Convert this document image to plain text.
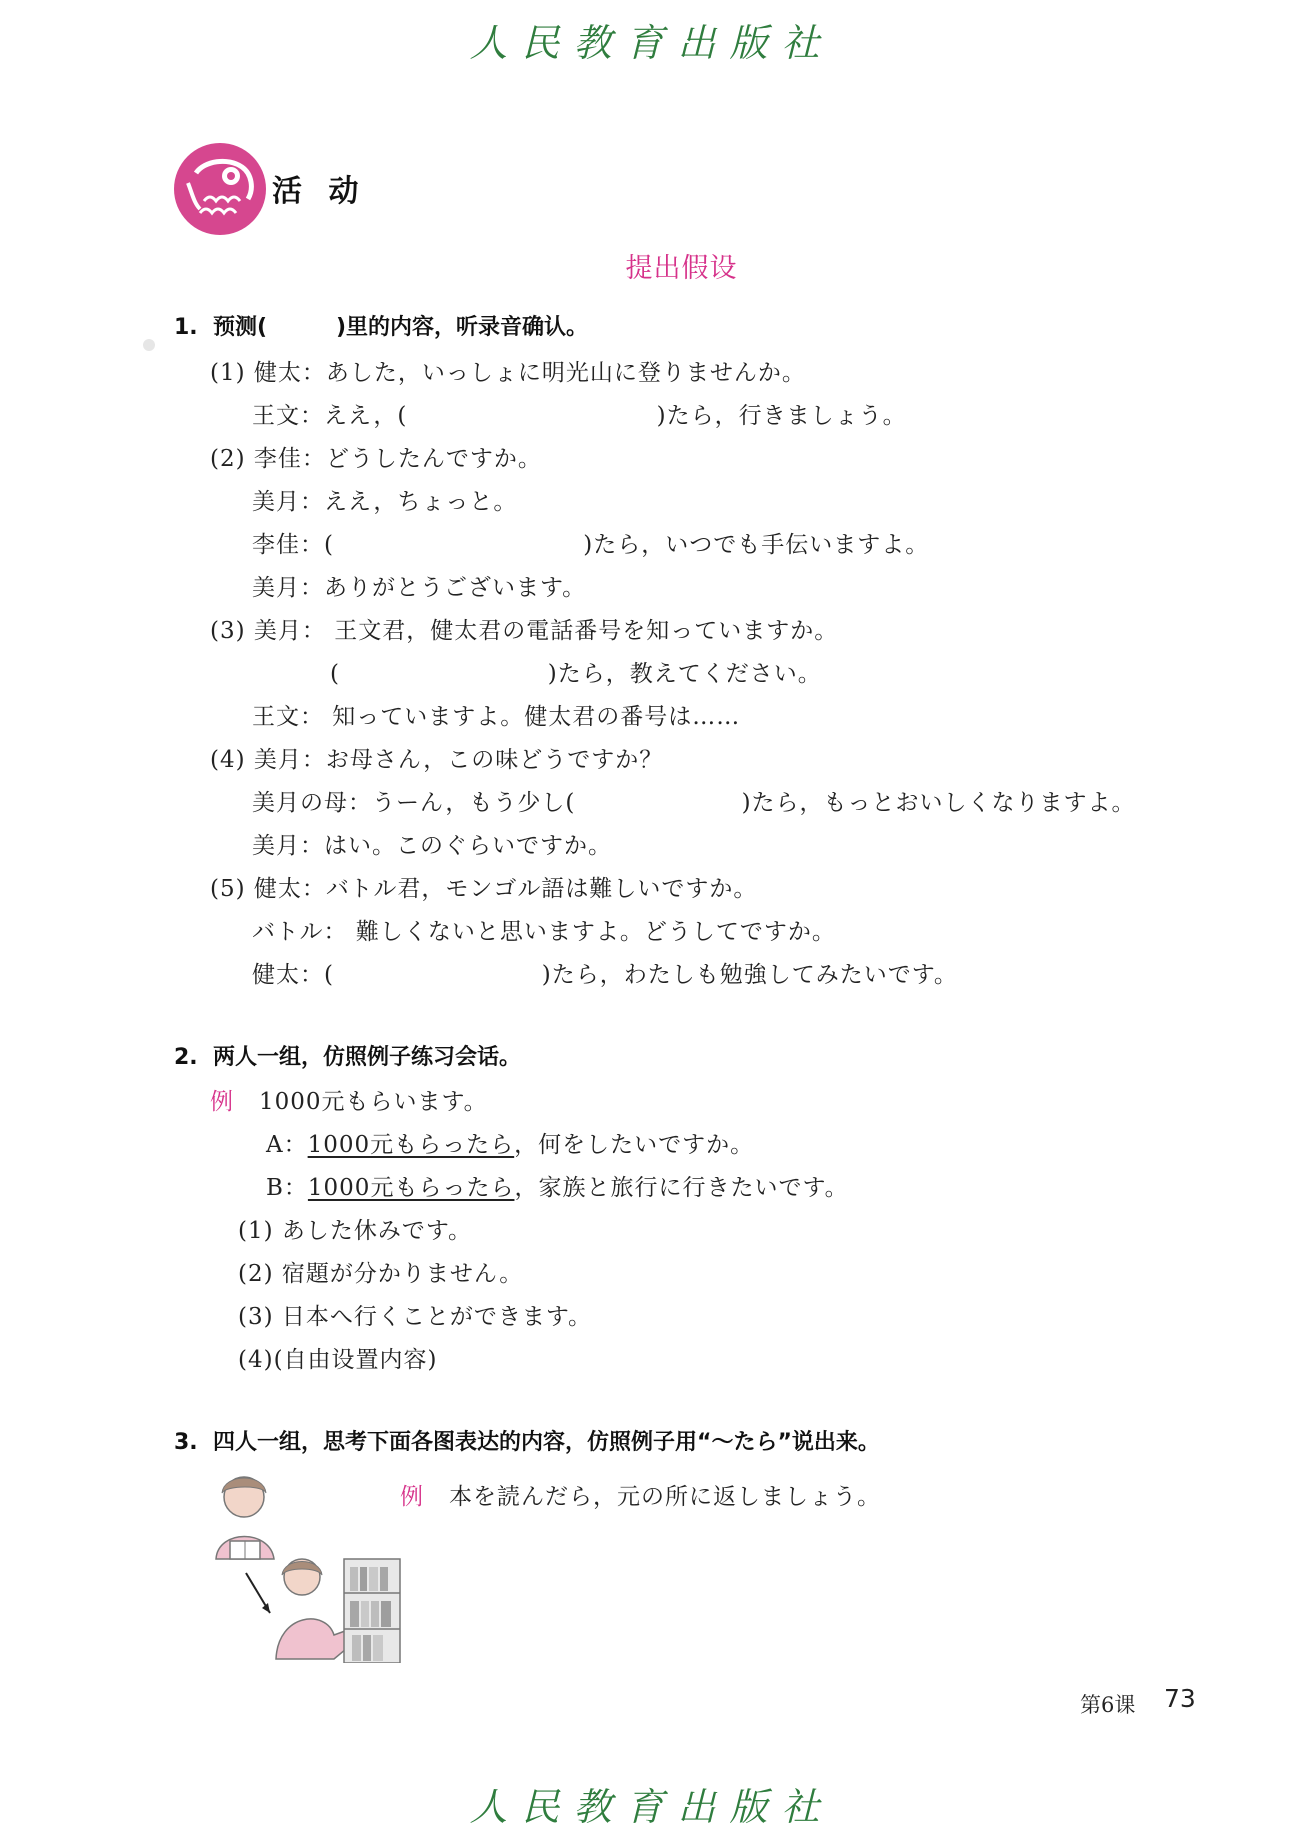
人民教育出版社
活 动
提出假设
1.  预测(         )里的内容，听录音确认。
(1) 健太：あした，いっしょに明光山に登りませんか。
王文：ええ，(                              )たら，行きましょう。
(2) 李佳：どうしたんですか。
美月：ええ，ちょっと。
李佳：(                              )たら，いつでも手伝いますよ。
美月：ありがとうございます。
(3) 美月： 王文君，健太君の電話番号を知っていますか。
(                         )たら，教えてください。
王文： 知っていますよ。健太君の番号は……
(4) 美月：お母さん，この味どうですか？
美月の母：うーん，もう少し(                    )たら，もっとおいしくなりますよ。
美月：はい。このぐらいですか。
(5) 健太：バトル君，モンゴル語は難しいですか。
バトル： 難しくないと思いますよ。どうしてですか。
健太：(                         )たら，わたしも勉強してみたいです。
2.  两人一组，仿照例子练习会话。
例 1000元もらいます。
A：1000元もらったら，何をしたいですか。
B：1000元もらったら，家族と旅行に行きたいです。
(1) あした休みです。
(2) 宿題が分かりません。
(3) 日本へ行くことができます。
(4)(自由设置内容)
3.  四人一组，思考下面各图表达的内容，仿照例子用“～たら”说出来。
例 本を読んだら，元の所に返しましょう。
第6课 73
人民教育出版社
